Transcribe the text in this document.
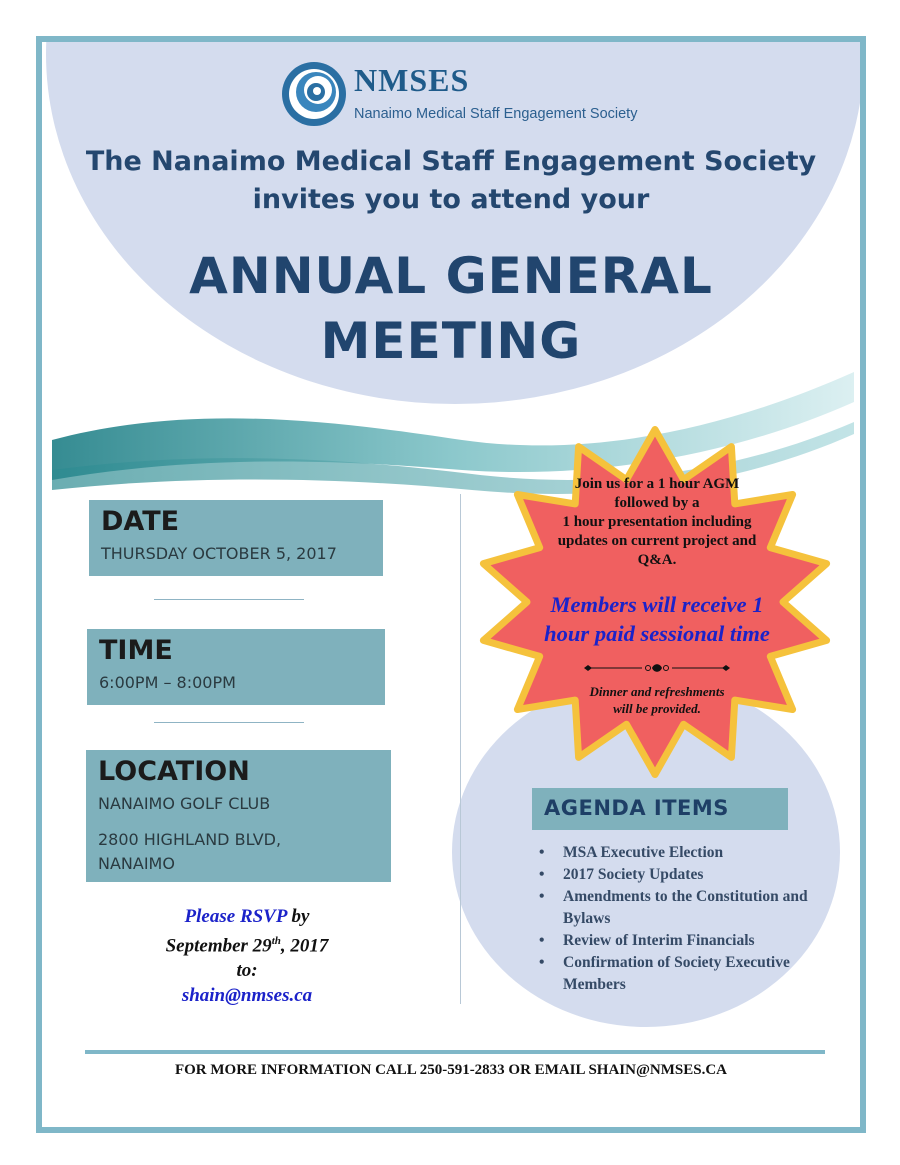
NMSES
Nanaimo Medical Staff Engagement Society
The Nanaimo Medical Staff Engagement Society
invites you to attend your
ANNUAL GENERAL
MEETING
DATE
THURSDAY OCTOBER 5, 2017
TIME
6:00PM – 8:00PM
LOCATION
NANAIMO GOLF CLUB
2800 HIGHLAND BLVD,
NANAIMO
Please RSVP by
September 29th, 2017
to:
shain@nmses.ca
Join us for a 1 hour AGM
followed by a
1 hour presentation including
updates on current project and
Q&A.
Members will receive 1
hour paid sessional time
Dinner and refreshments
will be provided.
AGENDA ITEMS
• MSA Executive Election
• 2017 Society Updates
• Amendments to the Constitution and Bylaws
• Review of Interim Financials
• Confirmation of Society Executive Members
FOR MORE INFORMATION CALL 250-591-2833 OR EMAIL SHAIN@NMSES.CA
